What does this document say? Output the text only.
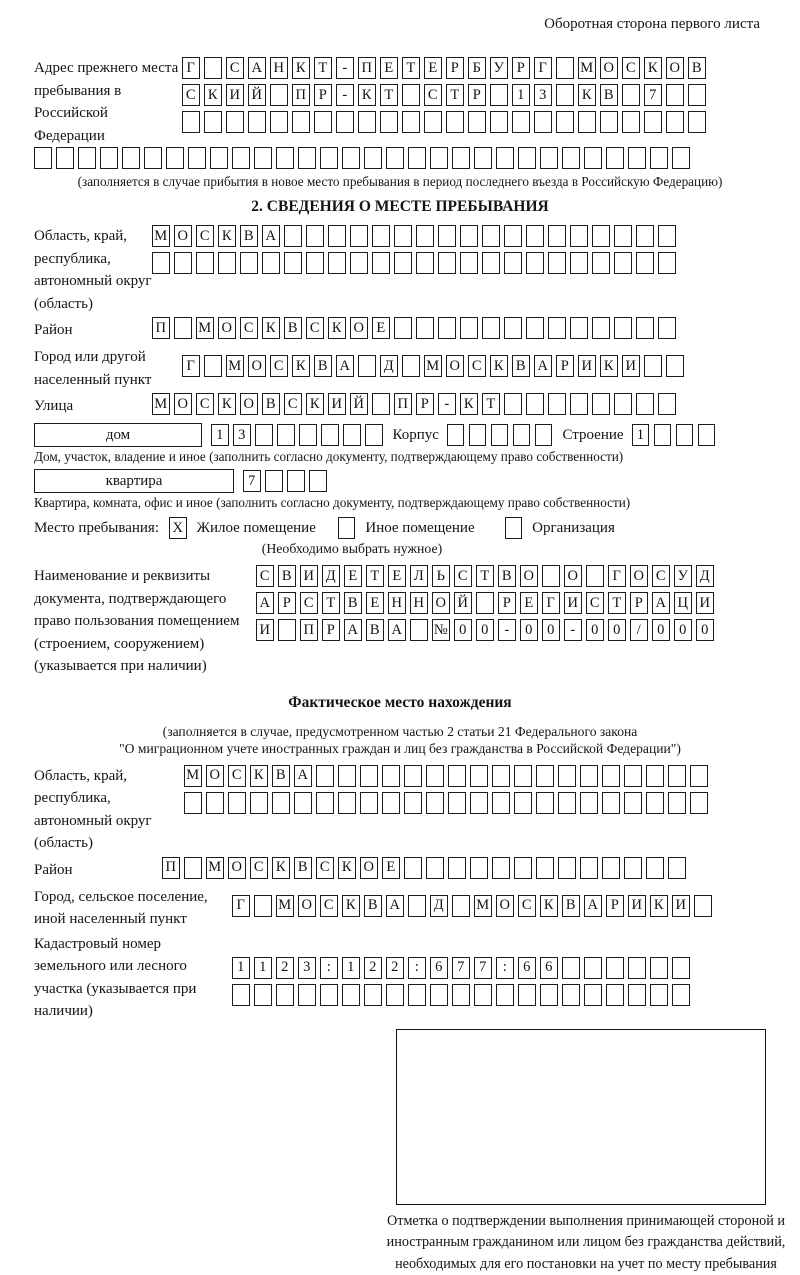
Оборотная сторона первого листа
Адрес прежнего места пребывания в Российской Федерации
Г	С А Н К Т	- П Е Т Е Р Б У Р Г	М О С К О В
С К И Й П Р	-	К Т С Т Р	1	3	К В	7
(заполняется в случае прибытия в новое место пребывания в период последнего въезда в Российскую Федерацию)
2. СВЕДЕНИЯ О МЕСТЕ ПРЕБЫВАНИЯ
Область, край, республика, автономный округ (область)
М О С К В А
Район	П М О С К В С К О Е
Город или другой населенный пункт
Г	М О С К В А Д М О С К В А Р И К И
Улица	М О С К О В С К И Й П Р	-	К Т
дом	1	3	Корпус	Строение 1
Дом, участок, владение и иное (заполнить согласно документу, подтверждающему право собственности)
квартира	7
Квартира, комната, офис и иное (заполнить согласно документу, подтверждающему право собственности)
Место пребывания: X Жилое помещение	Иное помещение	Организация
(Необходимо выбрать нужное)
Наименование и реквизиты документа, подтверждающего право пользования помещением (строением, сооружением) (указывается при наличии)
С В И Д Е Т Е Л Ь С Т В О О	Г О С У Д
А Р С Т В Е Н Н О Й	Р Е Г И С Т Р А Ц И
И П Р А В А № 0	0	-	0	0	-	0	0	/	0	0	0
Фактическое место нахождения
(заполняется в случае, предусмотренном частью 2 статьи 21 Федерального закона
"О миграционном учете иностранных граждан и лиц без гражданства в Российской Федерации")
Область, край, республика, автономный округ (область)
М О С К В А
Район	П М О С К В С К О Е
Город, сельское поселение, иной населенный пункт
Г	М О С К В А Д М О С К В А Р И К И
Кадастровый номер земельного или лесного участка (указывается при наличии)
1	1	2	3	:	1	2	2	:	6	7	7	:	6	6
Отметка о подтверждении выполнения принимающей стороной и иностранным гражданином или лицом без гражданства действий, необходимых для его постановки на учет по месту пребывания
